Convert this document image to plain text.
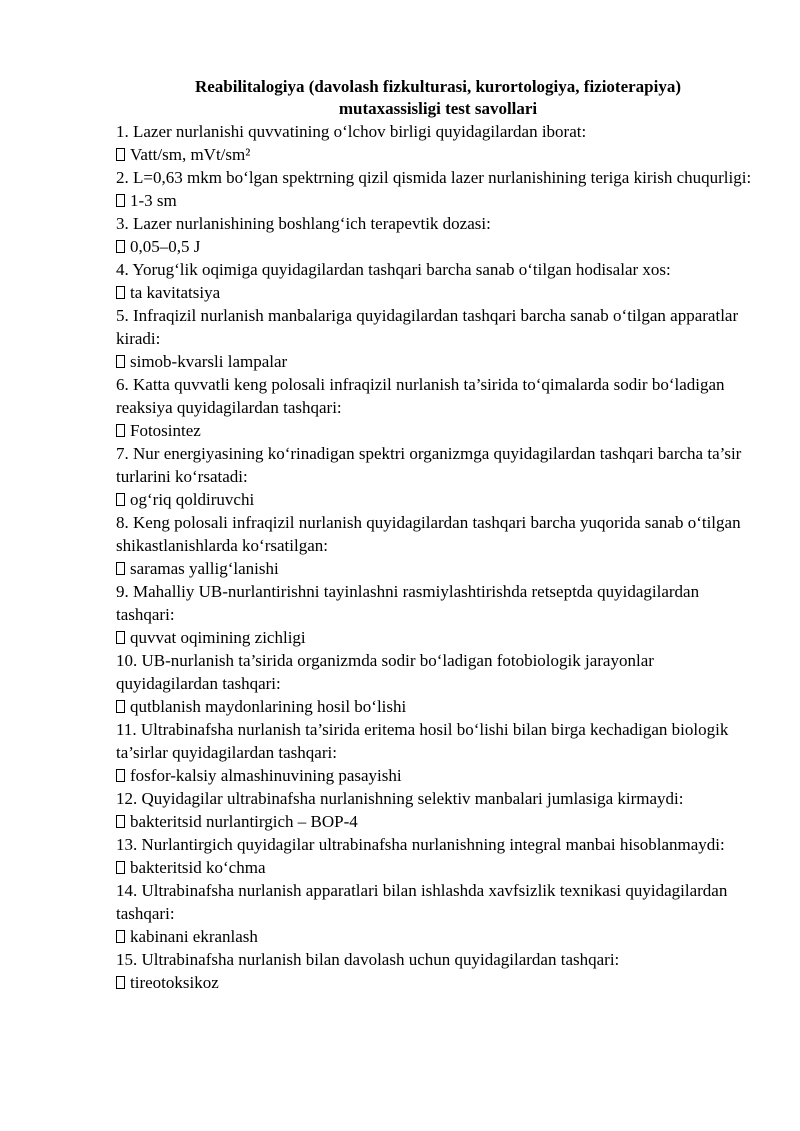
Reabilitalogiya (davolash fizkulturasi, kurortologiya, fizioterapiya)
mutaxassisligi test savollari

1. Lazer nurlanishi quvvatining o‘lchov birligi quyidagilardan iborat:

Vatt/sm, mVt/sm²

2. L=0,63 mkm bo‘lgan spektrning qizil qismida lazer nurlanishining teriga kirish chuqurligi:

1-3 sm

3. Lazer nurlanishining boshlang‘ich terapevtik dozasi:

0,05–0,5 J

4. Yorug‘lik oqimiga quyidagilardan tashqari barcha sanab o‘tilgan hodisalar xos:

ta kavitatsiya

5. Infraqizil nurlanish manbalariga quyidagilardan tashqari barcha sanab o‘tilgan apparatlar kiradi:

simob-kvarsli lampalar

6. Katta quvvatli keng polosali infraqizil nurlanish ta’sirida to‘qimalarda sodir bo‘ladigan reaksiya quyidagilardan tashqari:

Fotosintez

7. Nur energiyasining ko‘rinadigan spektri organizmga quyidagilardan tashqari barcha ta’sir turlarini ko‘rsatadi:

og‘riq qoldiruvchi

8. Keng polosali infraqizil nurlanish quyidagilardan tashqari barcha yuqorida sanab o‘tilgan shikastlanishlarda ko‘rsatilgan:

saramas yallig‘lanishi

9. Mahalliy UB-nurlantirishni tayinlashni rasmiylashtirishda retseptda quyidagilardan tashqari:

quvvat oqimining zichligi

10. UB-nurlanish ta’sirida organizmda sodir bo‘ladigan fotobiologik jarayonlar quyidagilardan tashqari:

qutblanish maydonlarining hosil bo‘lishi

11. Ultrabinafsha nurlanish ta’sirida eritema hosil bo‘lishi bilan birga kechadigan biologik ta’sirlar quyidagilardan tashqari:

fosfor-kalsiy almashinuvining pasayishi

12. Quyidagilar ultrabinafsha nurlanishning selektiv manbalari jumlasiga kirmaydi:

bakteritsid nurlantirgich – BOP-4

13. Nurlantirgich quyidagilar ultrabinafsha nurlanishning integral manbai hisoblanmaydi:

bakteritsid ko‘chma

14. Ultrabinafsha nurlanish apparatlari bilan ishlashda xavfsizlik texnikasi quyidagilardan tashqari:

kabinani ekranlash

15. Ultrabinafsha nurlanish bilan davolash uchun quyidagilardan tashqari:

tireotoksikoz
